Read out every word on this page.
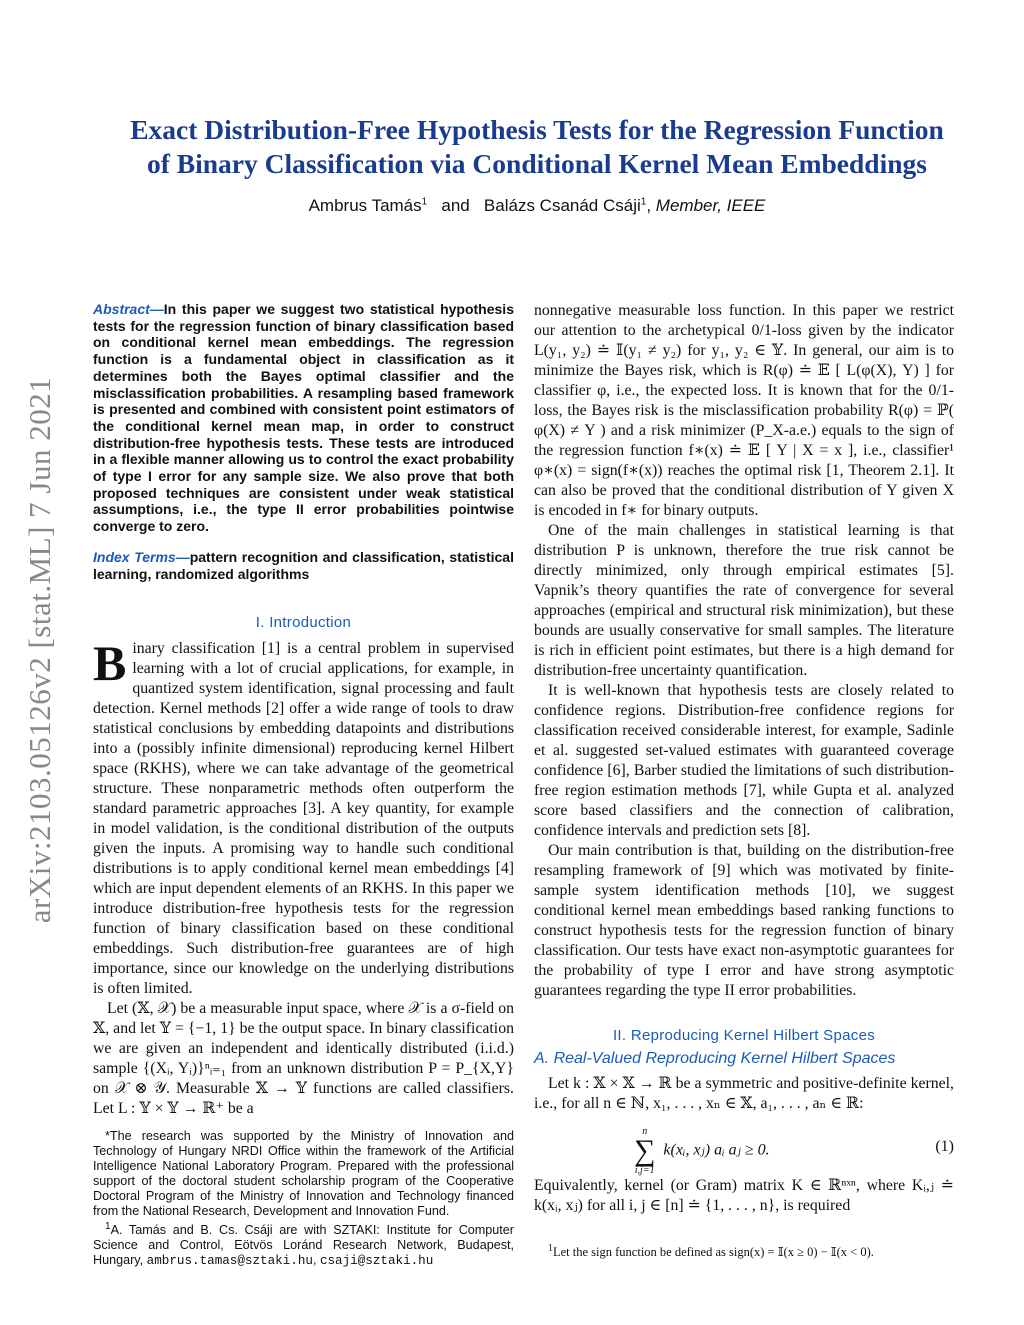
arXiv:2103.05126v2 [stat.ML] 7 Jun 2021
Exact Distribution-Free Hypothesis Tests for the Regression Function
of Binary Classification via Conditional Kernel Mean Embeddings
Ambrus Tamás$^1$ and Balázs Csanád Csáji$^1$, Member, IEEE

Abstract—In this paper we suggest two statistical hypothesis tests for the regression function of binary classification based on conditional kernel mean embeddings. The regression function is a fundamental object in classification as it determines both the Bayes optimal classifier and the misclassification probabilities. A resampling based framework is presented and combined with consistent point estimators of the conditional kernel mean map, in order to construct distribution-free hypothesis tests. These tests are introduced in a flexible manner allowing us to control the exact probability of type I error for any sample size. We also prove that both proposed techniques are consistent under weak statistical assumptions, i.e., the type II error probabilities pointwise converge to zero.

Index Terms—pattern recognition and classification, statistical learning, randomized algorithms

I. Introduction

Binary classification [1] is a central problem in supervised learning with a lot of crucial applications, for example, in quantized system identification, signal processing and fault detection. Kernel methods [2] offer a wide range of tools to draw statistical conclusions by embedding datapoints and distributions into a (possibly infinite dimensional) reproducing kernel Hilbert space (RKHS), where we can take advantage of the geometrical structure. These nonparametric methods often outperform the standard parametric approaches [3]. A key quantity, for example in model validation, is the conditional distribution of the outputs given the inputs. A promising way to handle such conditional distributions is to apply conditional kernel mean embeddings [4] which are input dependent elements of an RKHS. In this paper we introduce distribution-free hypothesis tests for the regression function of binary classification based on these conditional embeddings. Such distribution-free guarantees are of high importance, since our knowledge on the underlying distributions is often limited.

Let (𝕏, 𝒳) be a measurable input space, where 𝒳 is a σ-field on 𝕏, and let 𝕐 = {−1, 1} be the output space. In binary classification we are given an independent and identically distributed (i.i.d.) sample {(Xᵢ, Yᵢ)}ⁿᵢ₌₁ from an unknown distribution P = P_{X,Y} on 𝒳 ⊗ 𝒴. Measurable 𝕏 → 𝕐 functions are called classifiers. Let L : 𝕐 × 𝕐 → ℝ⁺ be a

*The research was supported by the Ministry of Innovation and Technology of Hungary NRDI Office within the framework of the Artificial Intelligence National Laboratory Program. Prepared with the professional support of the doctoral student scholarship program of the Cooperative Doctoral Program of the Ministry of Innovation and Technology financed from the National Research, Development and Innovation Fund.

$^1$A. Tamás and B. Cs. Csáji are with SZTAKI: Institute for Computer Science and Control, Eötvös Loránd Research Network, Budapest, Hungary, ambrus.tamas@sztaki.hu, csaji@sztaki.hu

nonnegative measurable loss function. In this paper we restrict our attention to the archetypical 0/1-loss given by the indicator L(y₁, y₂) ≐ 𝕀(y₁ ≠ y₂) for y₁, y₂ ∈ 𝕐. In general, our aim is to minimize the Bayes risk, which is R(φ) ≐ 𝔼 [ L(φ(X), Y) ] for classifier φ, i.e., the expected loss. It is known that for the 0/1-loss, the Bayes risk is the misclassification probability R(φ) = ℙ( φ(X) ≠ Y ) and a risk minimizer (P_X-a.e.) equals to the sign of the regression function f∗(x) ≐ 𝔼 [ Y | X = x ], i.e., classifier¹ φ∗(x) = sign(f∗(x)) reaches the optimal risk [1, Theorem 2.1]. It can also be proved that the conditional distribution of Y given X is encoded in f∗ for binary outputs.

One of the main challenges in statistical learning is that distribution P is unknown, therefore the true risk cannot be directly minimized, only through empirical estimates [5]. Vapnik’s theory quantifies the rate of convergence for several approaches (empirical and structural risk minimization), but these bounds are usually conservative for small samples. The literature is rich in efficient point estimates, but there is a high demand for distribution-free uncertainty quantification.

It is well-known that hypothesis tests are closely related to confidence regions. Distribution-free confidence regions for classification received considerable interest, for example, Sadinle et al. suggested set-valued estimates with guaranteed coverage confidence [6], Barber studied the limitations of such distribution-free region estimation methods [7], while Gupta et al. analyzed score based classifiers and the connection of calibration, confidence intervals and prediction sets [8].

Our main contribution is that, building on the distribution-free resampling framework of [9] which was motivated by finite-sample system identification methods [10], we suggest conditional kernel mean embeddings based ranking functions to construct hypothesis tests for the regression function of binary classification. Our tests have exact non-asymptotic guarantees for the probability of type I error and have strong asymptotic guarantees regarding the type II error probabilities.

II. Reproducing Kernel Hilbert Spaces
A. Real-Valued Reproducing Kernel Hilbert Spaces

Let k : 𝕏 × 𝕏 → ℝ be a symmetric and positive-definite kernel, i.e., for all n ∈ ℕ, x₁, . . . , xₙ ∈ 𝕏, a₁, . . . , aₙ ∈ ℝ:

n
∑
i,j=1
k(xᵢ, xⱼ) aᵢ aⱼ ≥ 0.	(1)

Equivalently, kernel (or Gram) matrix K ∈ ℝⁿˣⁿ, where Kᵢ,ⱼ ≐ k(xᵢ, xⱼ) for all i, j ∈ [n] ≐ {1, . . . , n}, is required

$^1$Let the sign function be defined as sign(x) = 𝕀(x ≥ 0) − 𝕀(x < 0).
